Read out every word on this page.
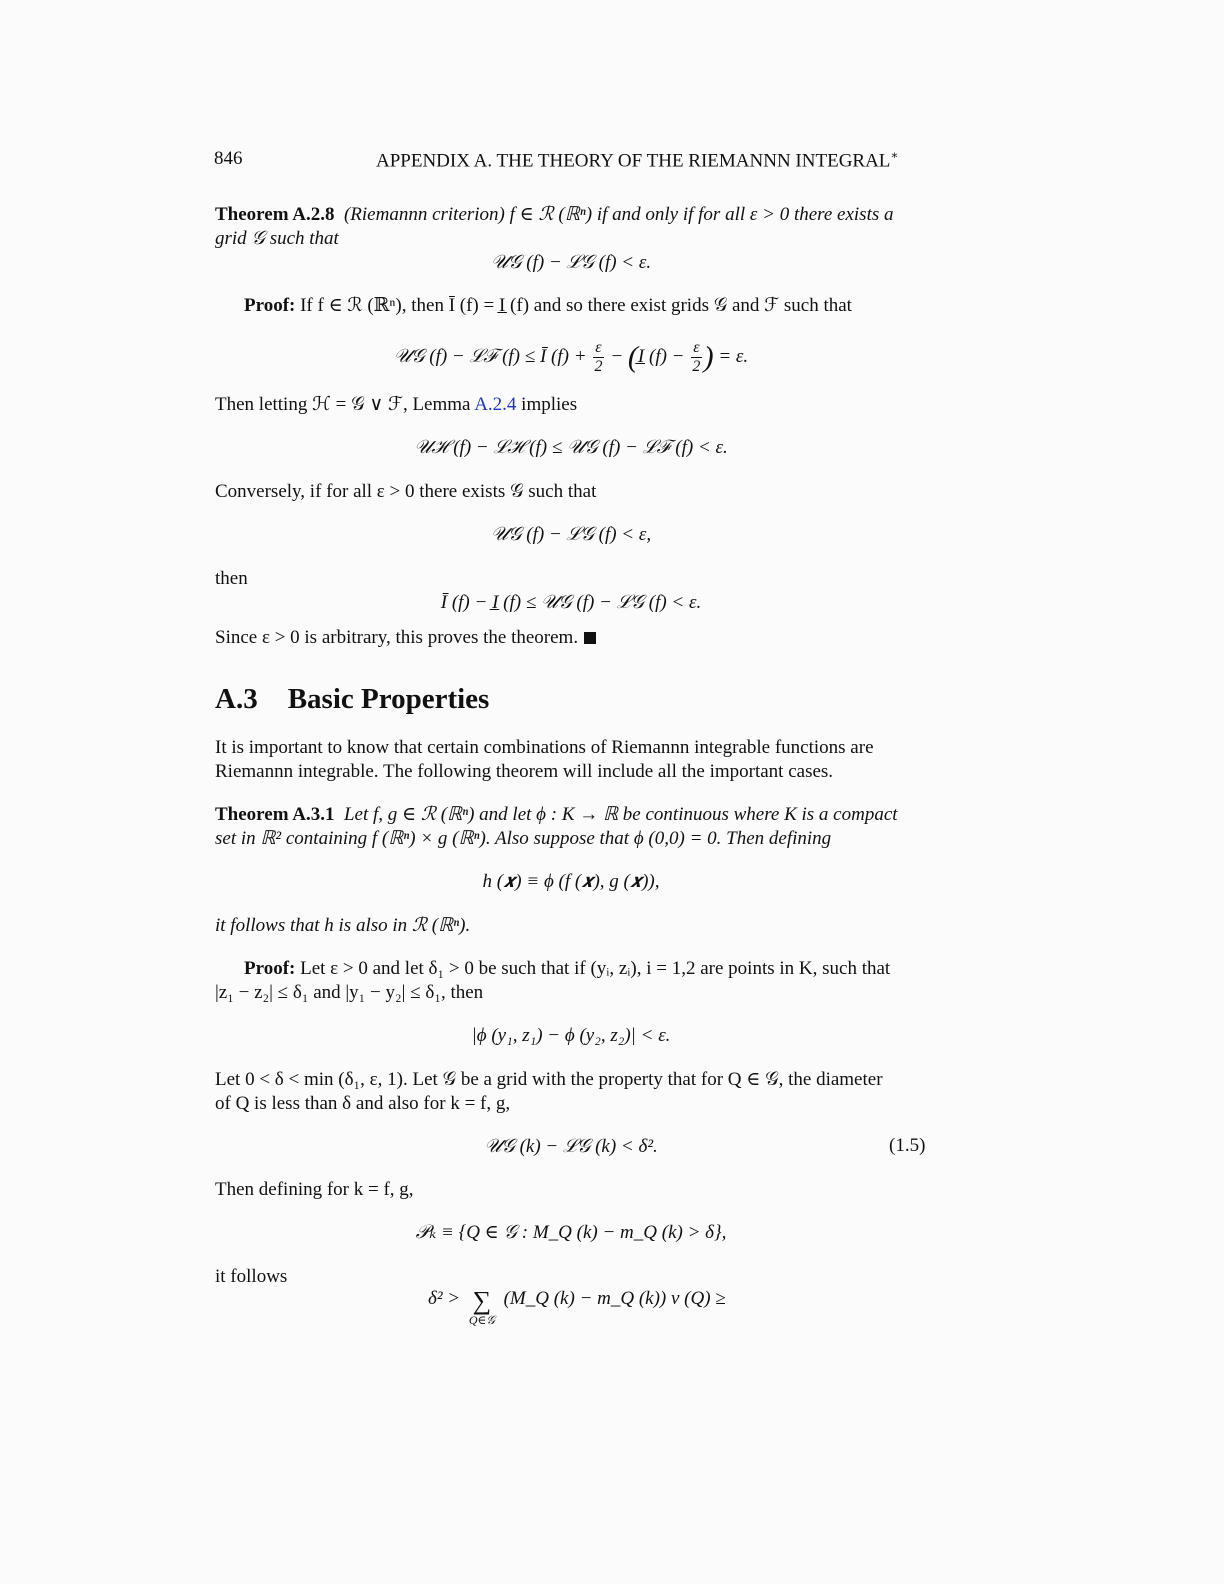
846	APPENDIX A. THE THEORY OF THE RIEMANNN INTEGRAL∗
Theorem A.2.8 (Riemannn criterion) f ∈ ℛ (ℝⁿ) if and only if for all ε > 0 there exists a
grid 𝒢 such that
𝒰𝒢 (f) − ℒ𝒢 (f) < ε.
Proof: If f ∈ ℛ (ℝⁿ), then Ī (f) = I̲ (f) and so there exist grids 𝒢 and ℱ such that
𝒰𝒢 (f) − ℒℱ (f) ≤ Ī $(f) + \frac{\varepsilon}{2}$ − (I̲ $(f) - \frac{\varepsilon}{2}$ ) = ε.
Then letting ℋ = 𝒢 ∨ ℱ, Lemma A.2.4 implies
𝒰ℋ (f) − ℒℋ (f) ≤ 𝒰𝒢 (f) − ℒℱ (f) < ε.
Conversely, if for all ε > 0 there exists 𝒢 such that
𝒰𝒢 (f) − ℒ𝒢 (f) < ε,
then
Ī (f) − I̲ (f) ≤ 𝒰𝒢 (f) − ℒ𝒢 (f) < ε.
Since ε > 0 is arbitrary, this proves the theorem.
A.3 Basic Properties
It is important to know that certain combinations of Riemannn integrable functions are
Riemannn integrable. The following theorem will include all the important cases.
Theorem A.3.1 Let f, g ∈ ℛ (ℝⁿ) and let ϕ : K → ℝ be continuous where K is a compact
set in ℝ² containing f (ℝⁿ) × g (ℝⁿ). Also suppose that ϕ (0,0) = 0. Then defining
h (𝒙) ≡ ϕ (f (𝒙), g (𝒙)),
it follows that h is also in ℛ (ℝⁿ).
Proof: Let ε > 0 and let δ₁ > 0 be such that if (yᵢ, zᵢ), i = 1,2 are points in K, such that
|z₁ − z₂| ≤ δ₁ and |y₁ − y₂| ≤ δ₁, then
|ϕ (y₁, z₁) − ϕ (y₂, z₂)| < ε.
Let 0 < δ < min (δ₁, ε, 1). Let 𝒢 be a grid with the property that for Q ∈ 𝒢, the diameter
of Q is less than δ and also for k = f, g,
𝒰𝒢 (k) − ℒ𝒢 (k) < δ².	(1.5)
Then defining for k = f, g,
𝒫ₖ ≡ {Q ∈ 𝒢 : M_Q (k) − m_Q (k) > δ},
it follows
δ² > ∑
Q∈𝒢
(M_Q (k) − m_Q (k)) v (Q) ≥
